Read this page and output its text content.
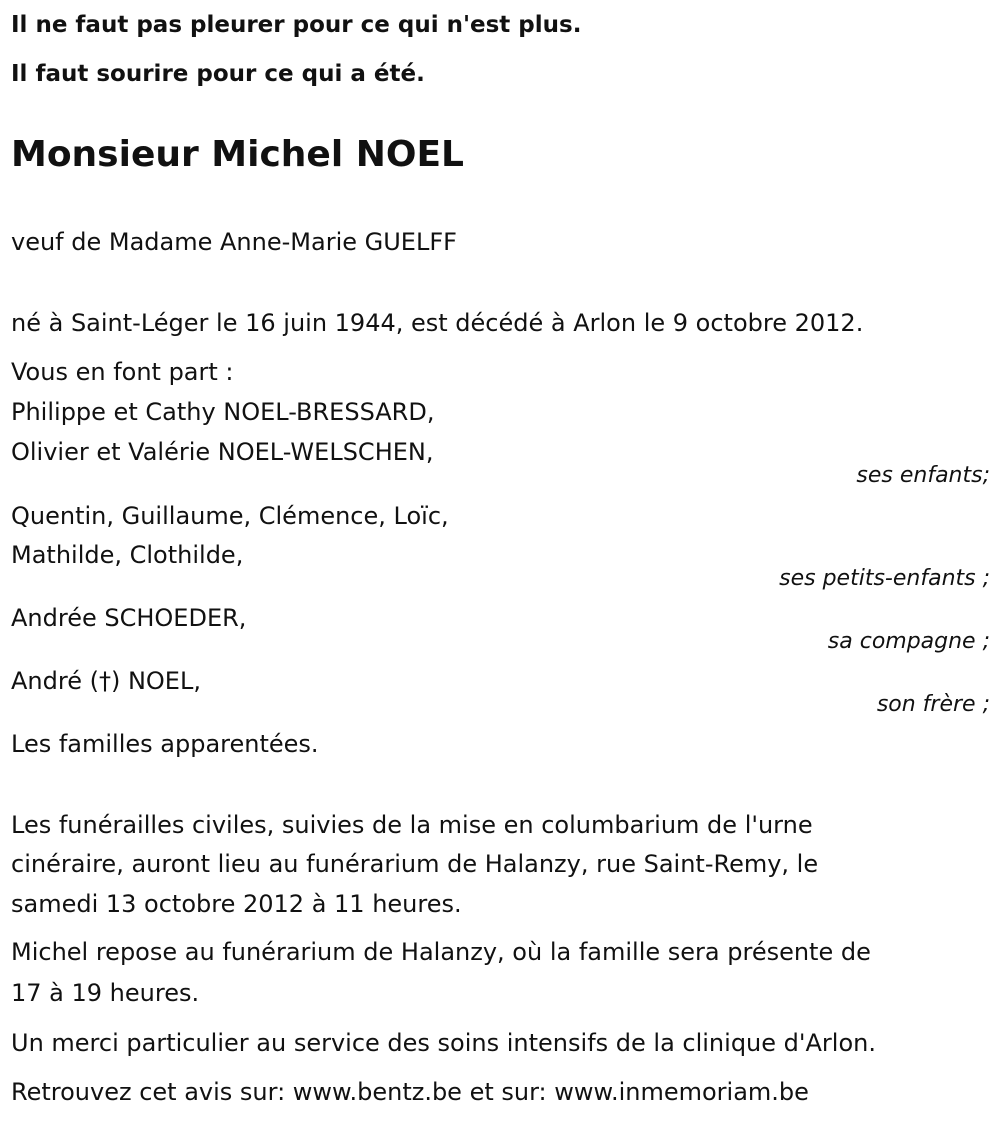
Il ne faut pas pleurer pour ce qui n'est plus.
Il faut sourire pour ce qui a été.
Monsieur Michel NOEL
veuf de Madame Anne-Marie GUELFF
né à Saint-Léger le 16 juin 1944, est décédé à Arlon le 9 octobre 2012.
Vous en font part :
Philippe et Cathy NOEL-BRESSARD,
Olivier et Valérie NOEL-WELSCHEN,
ses enfants;
Quentin, Guillaume, Clémence, Loïc,
Mathilde, Clothilde,
ses petits-enfants ;
Andrée SCHOEDER,
sa compagne ;
André (†) NOEL,
son frère ;
Les familles apparentées.
Les funérailles civiles, suivies de la mise en columbarium de l'urne
cinéraire, auront lieu au funérarium de Halanzy, rue Saint-Remy, le
samedi 13 octobre 2012 à 11 heures.
Michel repose au funérarium de Halanzy, où la famille sera présente de
17 à 19 heures.
Un merci particulier au service des soins intensifs de la clinique d'Arlon.
Retrouvez cet avis sur: www.bentz.be et sur: www.inmemoriam.be
